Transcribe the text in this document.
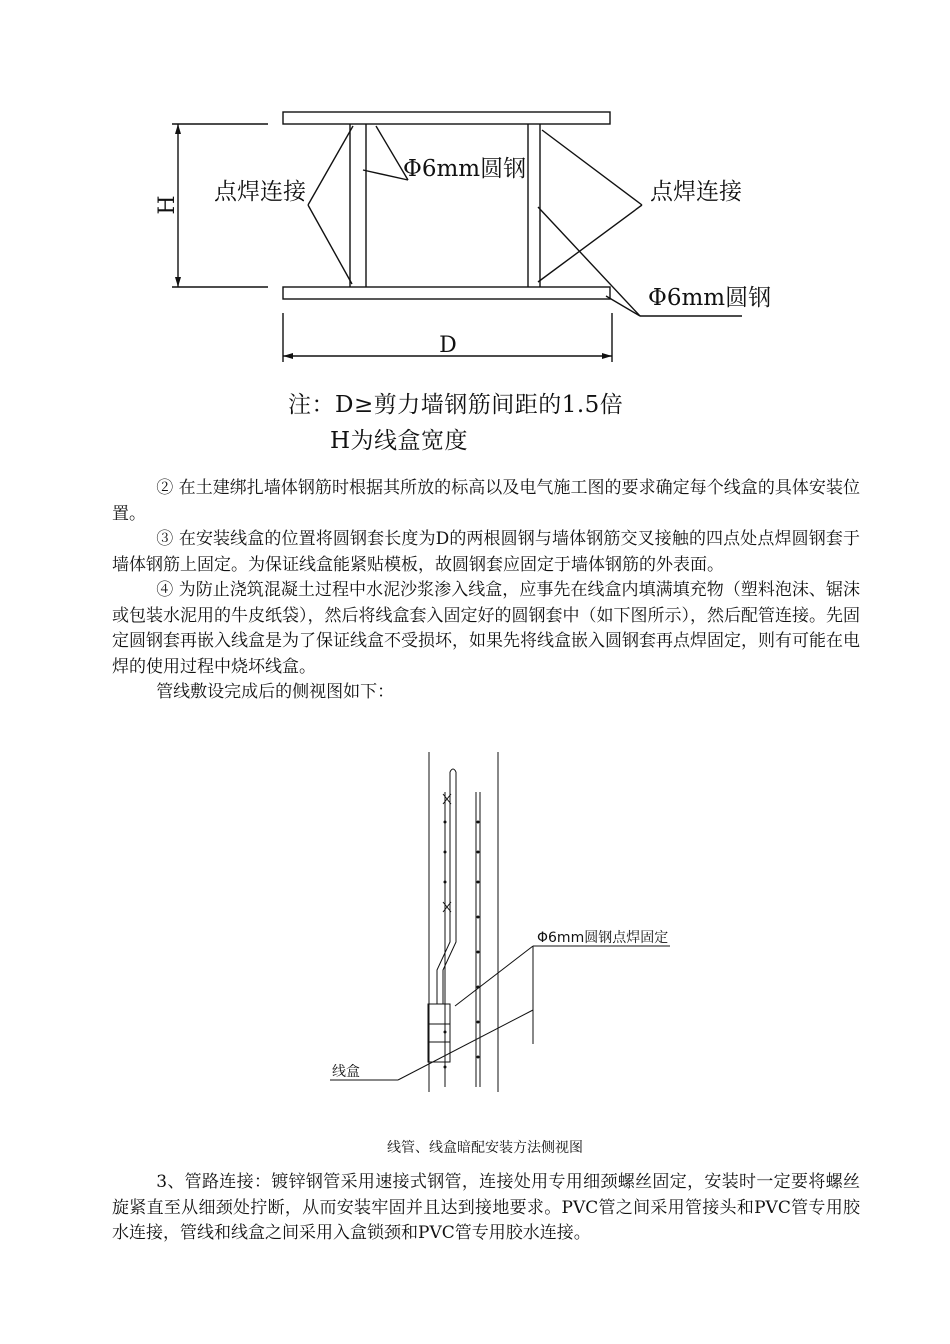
点焊连接	点焊连接
Φ6mm圆钢
Φ6mm圆钢
H
D
注：D≥剪力墙钢筋间距的1.5倍
H为线盒宽度

② 在土建绑扎墙体钢筋时根据其所放的标高以及电气施工图的要求确定每个线盒的具体安装位置。

③ 在安装线盒的位置将圆钢套长度为D的两根圆钢与墙体钢筋交叉接触的四点处点焊圆钢套于墙体钢筋上固定。为保证线盒能紧贴模板，故圆钢套应固定于墙体钢筋的外表面。

④ 为防止浇筑混凝土过程中水泥沙浆渗入线盒，应事先在线盒内填满填充物（塑料泡沫、锯沫或包装水泥用的牛皮纸袋），然后将线盒套入固定好的圆钢套中（如下图所示），然后配管连接。先固定圆钢套再嵌入线盒是为了保证线盒不受损坏，如果先将线盒嵌入圆钢套再点焊固定，则有可能在电焊的使用过程中烧坏线盒。

管线敷设完成后的侧视图如下：

Φ6mm圆钢点焊固定
线盒
线管、线盒暗配安装方法侧视图

3、管路连接：镀锌钢管采用速接式钢管，连接处用专用细颈螺丝固定，安装时一定要将螺丝旋紧直至从细颈处拧断，从而安装牢固并且达到接地要求。PVC管之间采用管接头和PVC管专用胶水连接，管线和线盒之间采用入盒锁颈和PVC管专用胶水连接。
